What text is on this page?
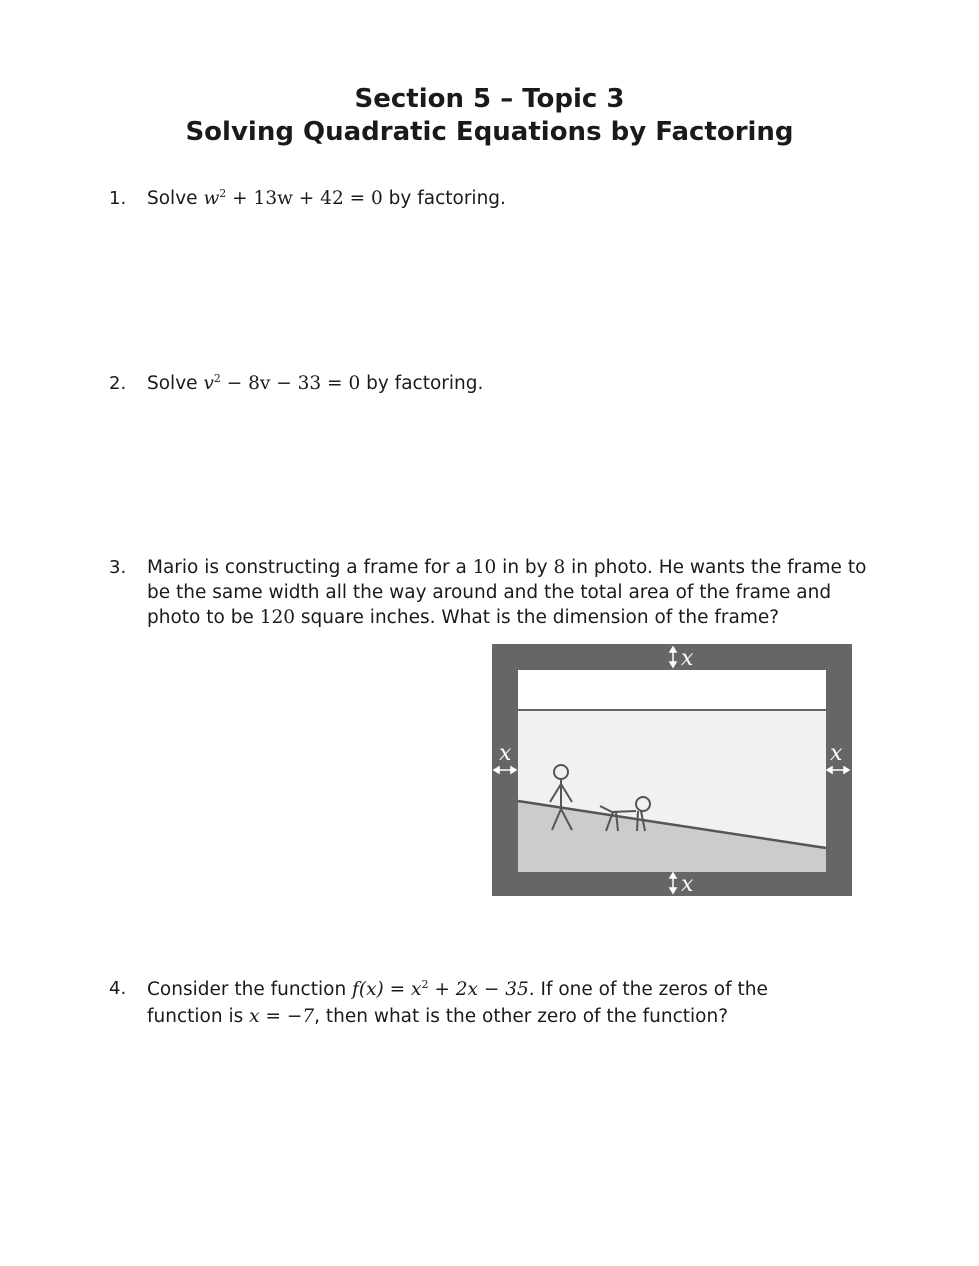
Section 5 – Topic 3
Solving Quadratic Equations by Factoring
1. Solve $w^2 + 13w + 42 = 0$ by factoring.
2. Solve $v^2 - 8v - 33 = 0$ by factoring.
3. Mario is constructing a frame for a 10 in by 8 in photo. He wants the frame to be the same width all the way around and the total area of the frame and photo to be 120 square inches. What is the dimension of the frame?
x
x
x	x
4. Consider the function $f(x) = x^2 + 2x - 35$. If one of the zeros of the function is x = −7, then what is the other zero of the function?
